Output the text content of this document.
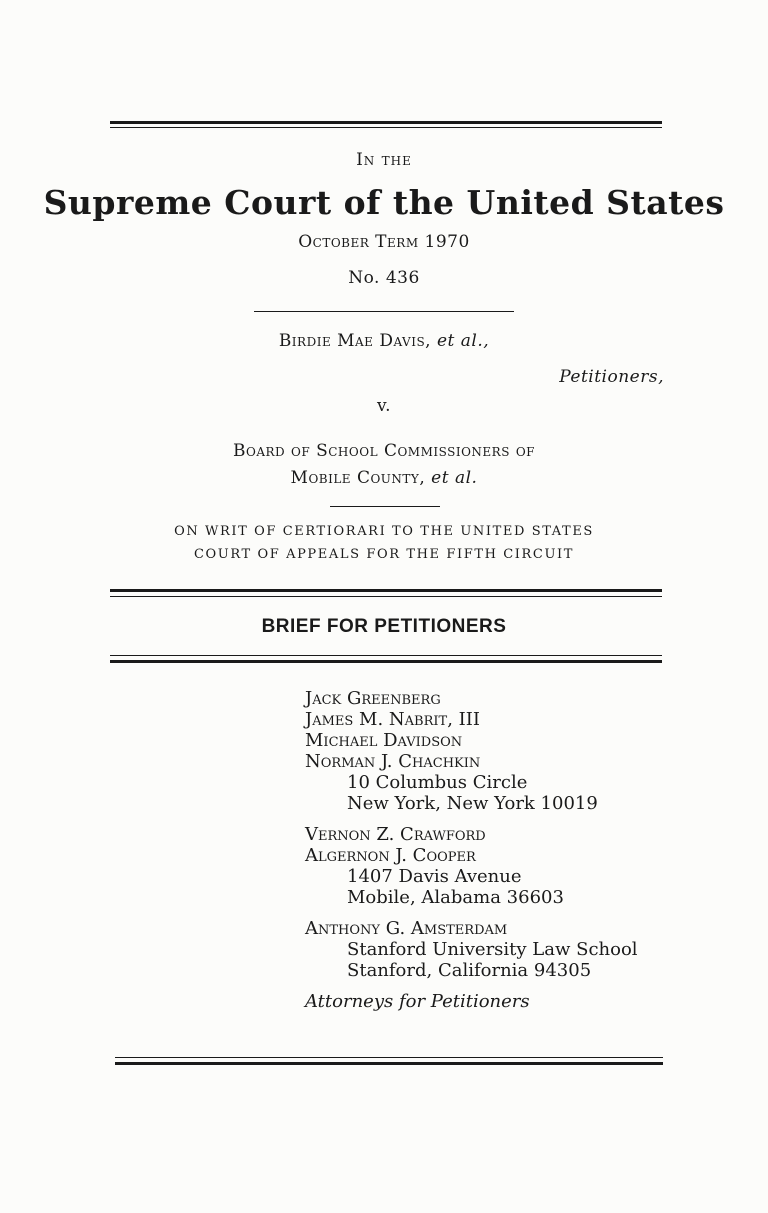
In the
Supreme Court of the United States
October Term 1970
No. 436
Birdie Mae Davis, et al.,
Petitioners,
v.
Board of School Commissioners of
Mobile County, et al.
ON WRIT OF CERTIORARI TO THE UNITED STATES
COURT OF APPEALS FOR THE FIFTH CIRCUIT
BRIEF FOR PETITIONERS
Jack Greenberg
James M. Nabrit, III
Michael Davidson
Norman J. Chachkin
10 Columbus Circle
New York, New York 10019
Vernon Z. Crawford
Algernon J. Cooper
1407 Davis Avenue
Mobile, Alabama 36603
Anthony G. Amsterdam
Stanford University Law School
Stanford, California 94305
Attorneys for Petitioners
